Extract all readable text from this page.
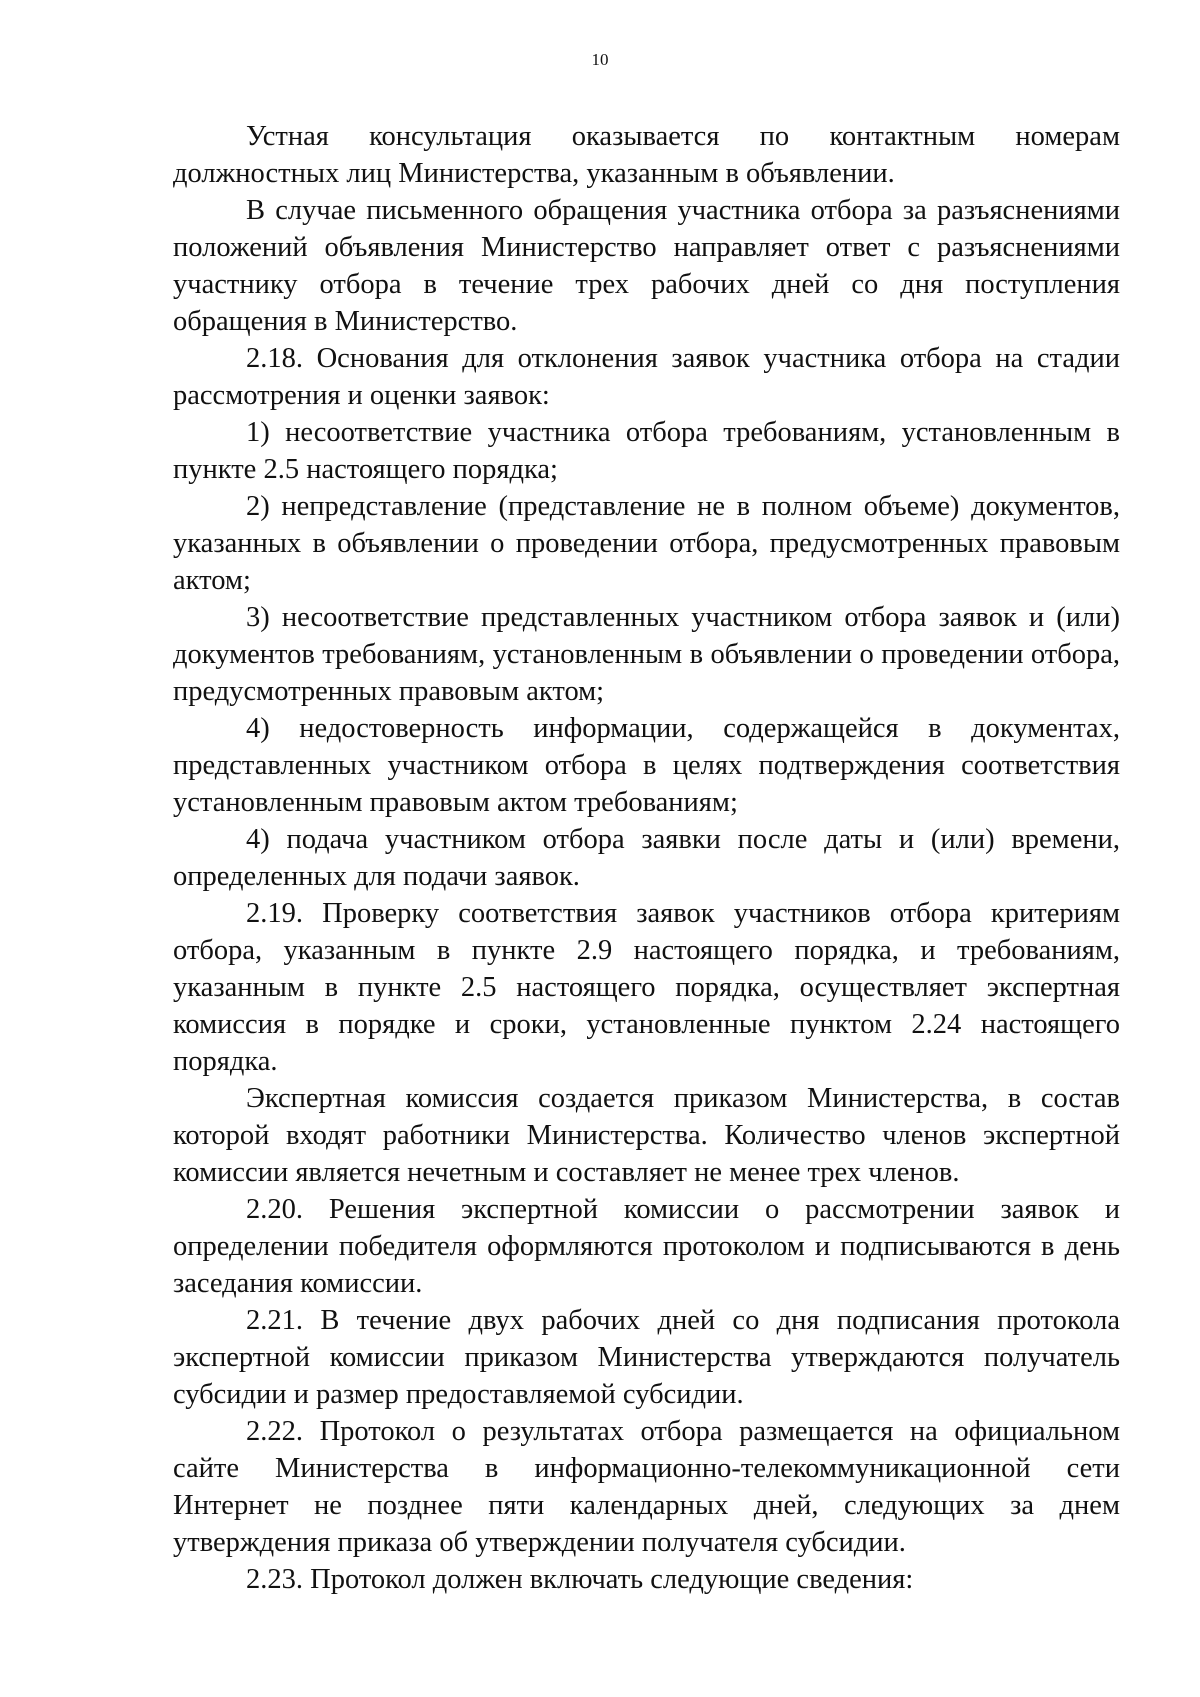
10

Устная консультация оказывается по контактным номерам должностных лиц Министерства, указанным в объявлении.

В случае письменного обращения участника отбора за разъяснениями положений объявления Министерство направляет ответ с разъяснениями участнику отбора в течение трех рабочих дней со дня поступления обращения в Министерство.

2.18. Основания для отклонения заявок участника отбора на стадии рассмотрения и оценки заявок:

1) несоответствие участника отбора требованиям, установленным в пункте 2.5 настоящего порядка;

2) непредставление (представление не в полном объеме) документов, указанных в объявлении о проведении отбора, предусмотренных правовым актом;

3) несоответствие представленных участником отбора заявок и (или) документов требованиям, установленным в объявлении о проведении отбора, предусмотренных правовым актом;

4) недостоверность информации, содержащейся в документах, представленных участником отбора в целях подтверждения соответствия установленным правовым актом требованиям;

4) подача участником отбора заявки после даты и (или) времени, определенных для подачи заявок.

2.19. Проверку соответствия заявок участников отбора критериям отбора, указанным в пункте 2.9 настоящего порядка, и требованиям, указанным в пункте 2.5 настоящего порядка, осуществляет экспертная комиссия в порядке и сроки, установленные пунктом 2.24 настоящего порядка.

Экспертная комиссия создается приказом Министерства, в состав которой входят работники Министерства. Количество членов экспертной комиссии является нечетным и составляет не менее трех членов.

2.20. Решения экспертной комиссии о рассмотрении заявок и определении победителя оформляются протоколом и подписываются в день заседания комиссии.

2.21. В течение двух рабочих дней со дня подписания протокола экспертной комиссии приказом Министерства утверждаются получатель субсидии и размер предоставляемой субсидии.

2.22. Протокол о результатах отбора размещается на официальном сайте Министерства в информационно-телекоммуникационной сети Интернет не позднее пяти календарных дней, следующих за днем утверждения приказа об утверждении получателя субсидии.

2.23. Протокол должен включать следующие сведения:
